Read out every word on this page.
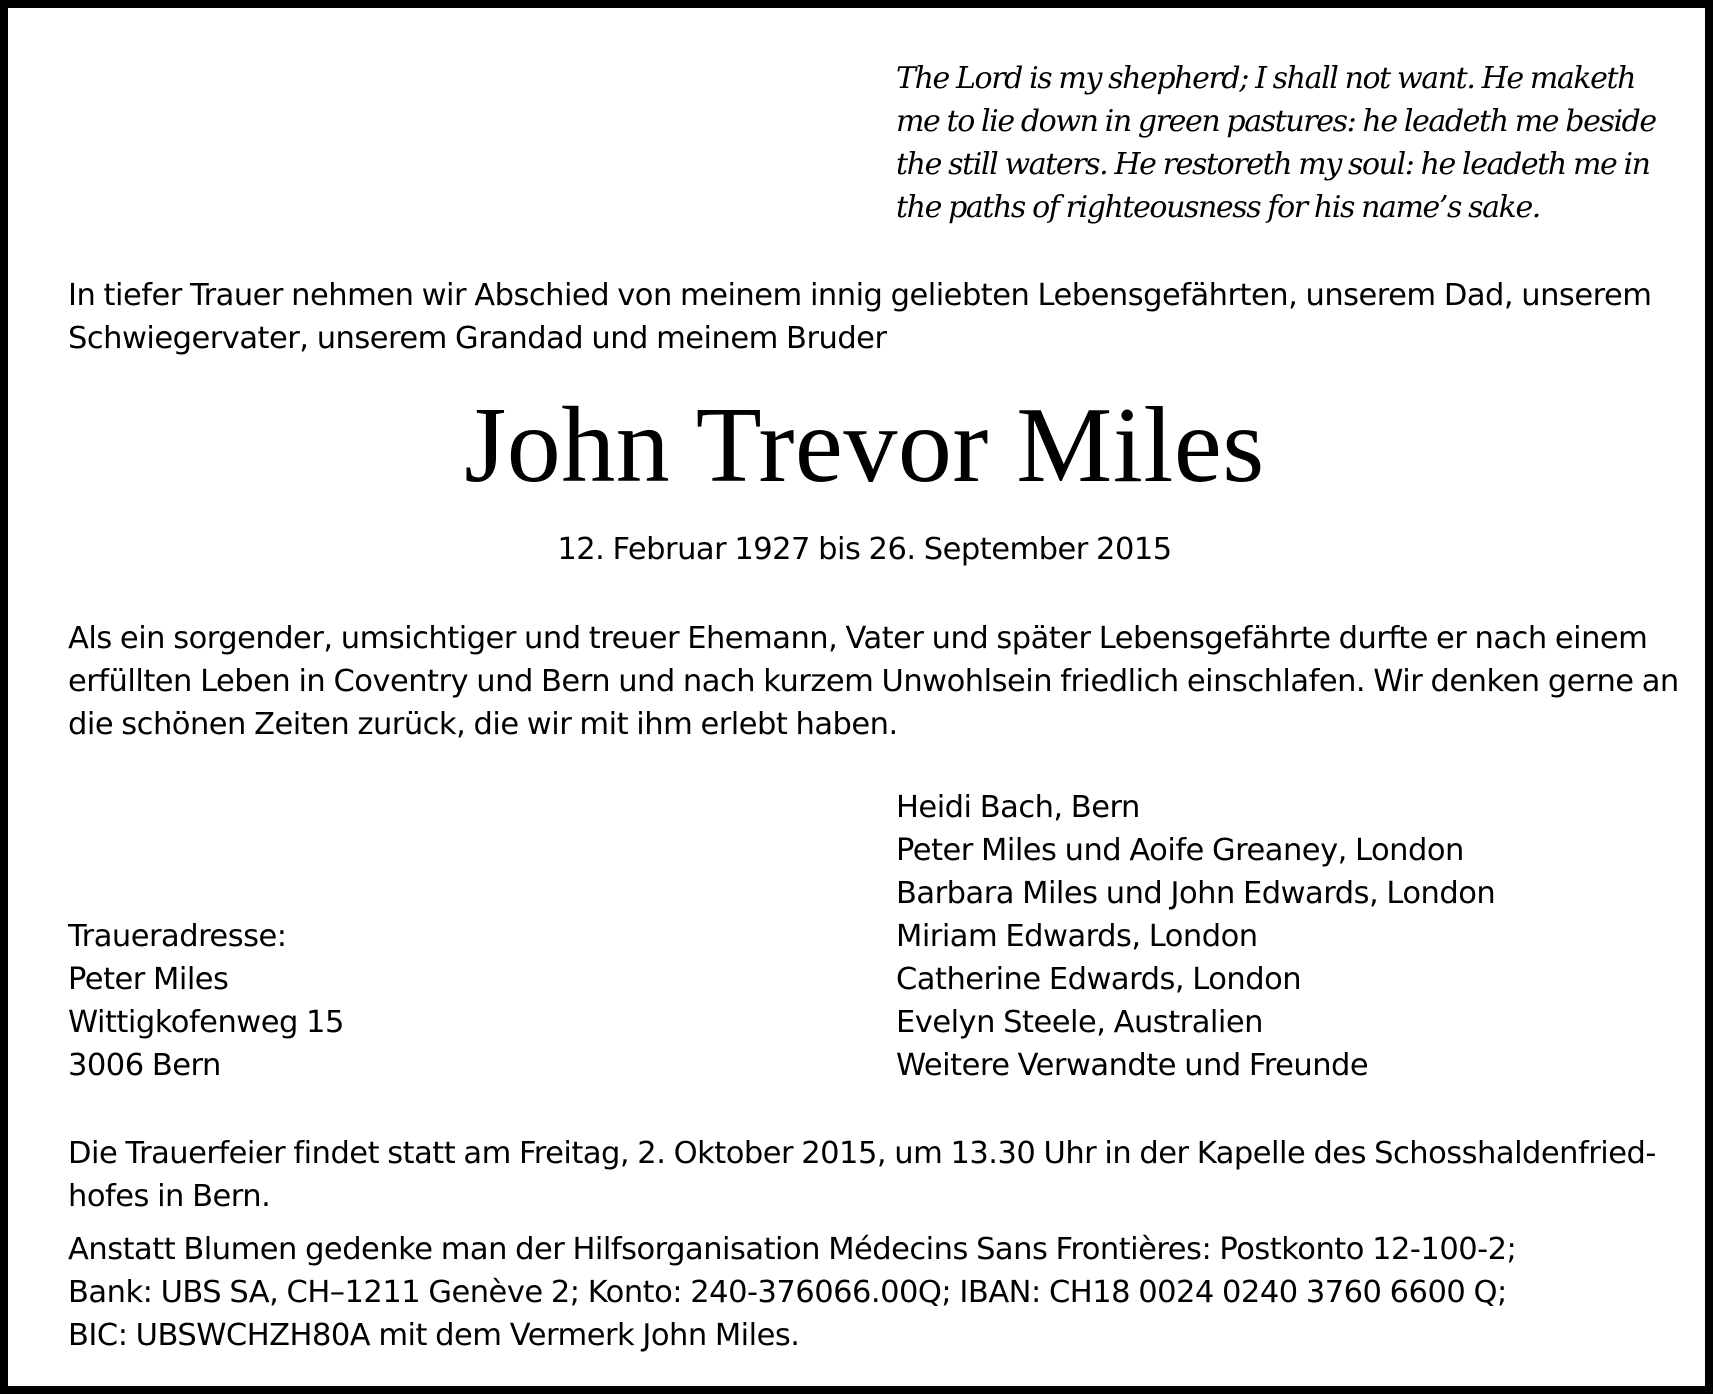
The Lord is my shepherd; I shall not want. He maketh
me to lie down in green pastures: he leadeth me beside
the still waters. He restoreth my soul: he leadeth me in
the paths of righteousness for his name’s sake.
In tiefer Trauer nehmen wir Abschied von meinem innig geliebten Lebensgefährten, unserem Dad, unserem
Schwiegervater, unserem Grandad und meinem Bruder
John Trevor Miles
12. Februar 1927 bis 26. September 2015
Als ein sorgender, umsichtiger und treuer Ehemann, Vater und später Lebensgefährte durfte er nach einem
erfüllten Leben in Coventry und Bern und nach kurzem Unwohlsein friedlich einschlafen. Wir denken gerne an
die schönen Zeiten zurück, die wir mit ihm erlebt haben.
Heidi Bach, Bern
Peter Miles und Aoife Greaney, London
Barbara Miles und John Edwards, London
Miriam Edwards, London
Catherine Edwards, London
Evelyn Steele, Australien
Weitere Verwandte und Freunde
Traueradresse:
Peter Miles
Wittigkofenweg 15
3006 Bern
Die Trauerfeier findet statt am Freitag, 2. Oktober 2015, um 13.30 Uhr in der Kapelle des Schosshaldenfried-
hofes in Bern.
Anstatt Blumen gedenke man der Hilfsorganisation Médecins Sans Frontières: Postkonto 12-100-2;
Bank: UBS SA, CH–1211 Genève 2; Konto: 240-376066.00Q; IBAN: CH18 0024 0240 3760 6600 Q;
BIC: UBSWCHZH80A mit dem Vermerk John Miles.
